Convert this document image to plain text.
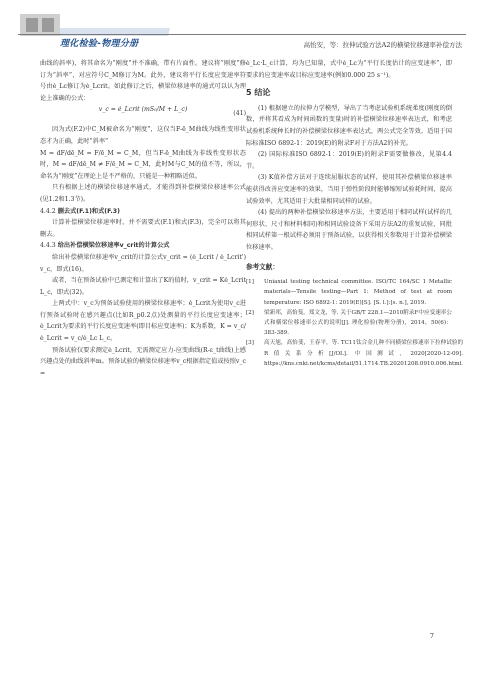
理化检验-物理分册	高怡安，等：拉伸试验方法A2的横梁位移速率补偿方法

曲线的斜率)，将其命名为“刚度”并不准确，带有片面性。建议将“刚度”修订为“斜率”，对应符号C_M修订为M。此外，建议将平行长度应变速率符号由ė_Lc修订为ė_Lcrit。如此修订之后，横梁位移速率的通式可以认为理论上准确的公式：

v_c = ė_Lcrit (mS₀/M + L_c)
(41)

因为式(F.2)中C_M被命名为“刚度”，这仅当F-ē_M曲线为线性变形状态才为正确，此时“斜率”

M = dF/dē_M = F/ē_M = C_M，但当F-ē_M曲线为非线性变形状态时，M = dF/dē_M ≠ F/ē_M = C_M，此时M与C_M的值不等，所以，命名为“刚度”在理论上是不严格的，只能是一种粗略近似。

只有根据上述的横梁位移速率通式，才能得到补偿横梁位移速率公式(见1.2和1.3节)。

4.4.2 删去式(F.1)和式(F.3)

计算补偿横梁位移速率时，并不需要式(F.1)和式(F.3)，完全可以将其删去。

4.4.3 给出补偿横梁位移速率v_crit的计算公式

给出补偿横梁位移速率v_crit的计算公式v_crit = (ė_Lcrit / ė_Lcrit') v_c，即式(16)。

或者，当在预备试验中已测定和计算出了K的值时，v_crit = Kė_Lcrit L_c，即式(32)。

上两式中：v_c为预备试验使用的横梁位移速率；ė_Lcrit为使用v_c进行预备试验时在感兴趣点(比如R_p0.2点)处测量的平行长度应变速率；ė_Lcrit为要求的平行长度应变速率(即目标应变速率)；K为系数，K = v_c/ė_Lcrit = v_c/ė_Lc L_c。

预备试验仅要求测定ė_Lcrit，无需测定应力-应变曲线(R-ε_t曲线)上感兴趣点处的曲线斜率m。预备试验的横梁位移速率v_c根据指定值或按照v_c =

ė_Lc·L_c计算，均为已知量，式中ė_Lc为“平行长度估计的应变速率”，即要求的应变速率或目标应变速率(例如0.000 25 s⁻¹)。

5 结论

(1) 根据建立的拉伸力学模型，导出了当考虑试验机系统柔度(刚度的倒数，并将其看成为时间函数的变量)时的补偿横梁位移速率表达式，和考虑试验机系统种长时的补偿横梁位移速率表达式，两公式完全等效。适用于国际标准ISO 6892-1：2019(E)的附录F对于方法A2的补充。

(2) 国际标准ISO 6892-1：2019(E)的附录F需要做修改，见第4.4节。

(3) K值补偿方法对于连续屈服状态的试样，使用其补偿横梁位移速率能获得改善应变速率的效果，当用于弹性阶段时能够缩短试验耗时间，提高试验效率，尤其适用于大批量相同试样的试验。

(4) 提出的两种补偿横梁位移速率方法，主要适用于相同试样(试样的几何形状、尺寸和材料相同)和相同试验设备下采用方法A2的重复试验，同批相同试样第一根试样必须用于预备试验，以获得相关参数用于计算补偿横梁位移速率。

参考文献：
[1]	Uniaxial testing technical committee. ISO/TC 164/SC 1 Metallic materials—Tensile testing—Part 1: Method of test at room temperature: ISO 6892-1: 2019(E)[S]. [S. l.]:[s. n.], 2019.
[2]	梁新邦，高怡斐，郑文龙，等. 关于GB/T 228.1—2010附录F中应变速率公式和横梁位移速率公式的说明[J]. 理化检验(物理分册)，2014，50(6)：383-389.
[3]	高天旭，高怡斐，王春平，等. TC11钛合金几种不同横梁位移速率下拉伸试验的R值关系分析[J/OL]. 中国测试，2020[2020-12-09]. https://kns.cnki.net/kcms/detail/51.1714.TB.20201208.0910.006.html.
7
